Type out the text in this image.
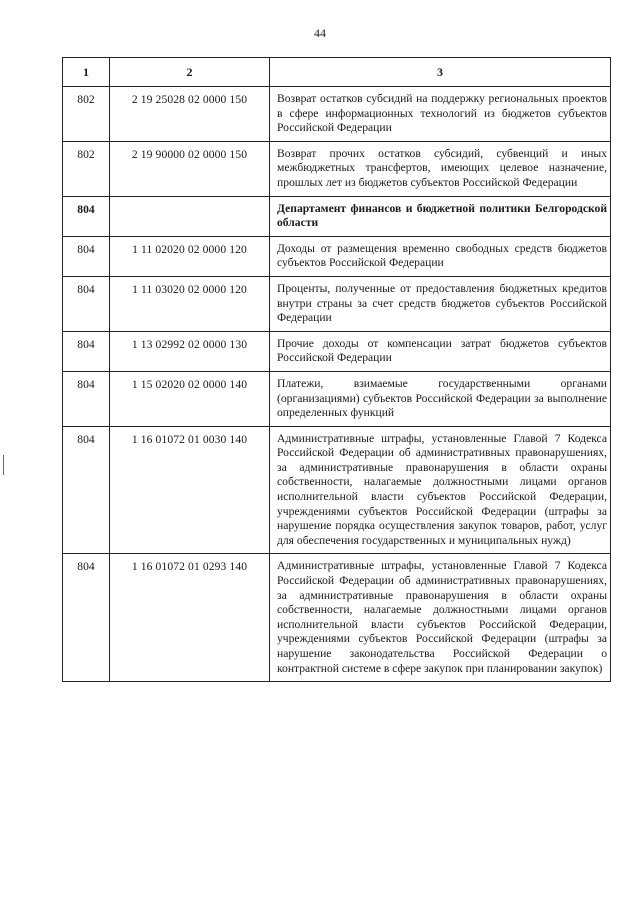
44
1	2	3
802	2 19 25028 02 0000 150	Возврат остатков субсидий на поддержку региональных проектов в сфере информационных технологий из бюджетов субъектов Российской Федерации
802	2 19 90000 02 0000 150	Возврат прочих остатков субсидий, субвенций и иных межбюджетных трансфертов, имеющих целевое назначение, прошлых лет из бюджетов субъектов Российской Федерации
804		Департамент финансов и бюджетной политики Белгородской области
804	1 11 02020 02 0000 120	Доходы от размещения временно свободных средств бюджетов субъектов Российской Федерации
804	1 11 03020 02 0000 120	Проценты, полученные от предоставления бюджетных кредитов внутри страны за счет средств бюджетов субъектов Российской Федерации
804	1 13 02992 02 0000 130	Прочие доходы от компенсации затрат бюджетов субъектов Российской Федерации
804	1 15 02020 02 0000 140	Платежи, взимаемые государственными органами (организациями) субъектов Российской Федерации за выполнение определенных функций
804	1 16 01072 01 0030 140	Административные штрафы, установленные Главой 7 Кодекса Российской Федерации об административных правонарушениях, за административные правонарушения в области охраны собственности, налагаемые должностными лицами органов исполнительной власти субъектов Российской Федерации, учреждениями субъектов Российской Федерации (штрафы за нарушение порядка осуществления закупок товаров, работ, услуг для обеспечения государственных и муниципальных нужд)
804	1 16 01072 01 0293 140	Административные штрафы, установленные Главой 7 Кодекса Российской Федерации об административных правонарушениях, за административные правонарушения в области охраны собственности, налагаемые должностными лицами органов исполнительной власти субъектов Российской Федерации, учреждениями субъектов Российской Федерации (штрафы за нарушение законодательства Российской Федерации о контрактной системе в сфере закупок при планировании закупок)
